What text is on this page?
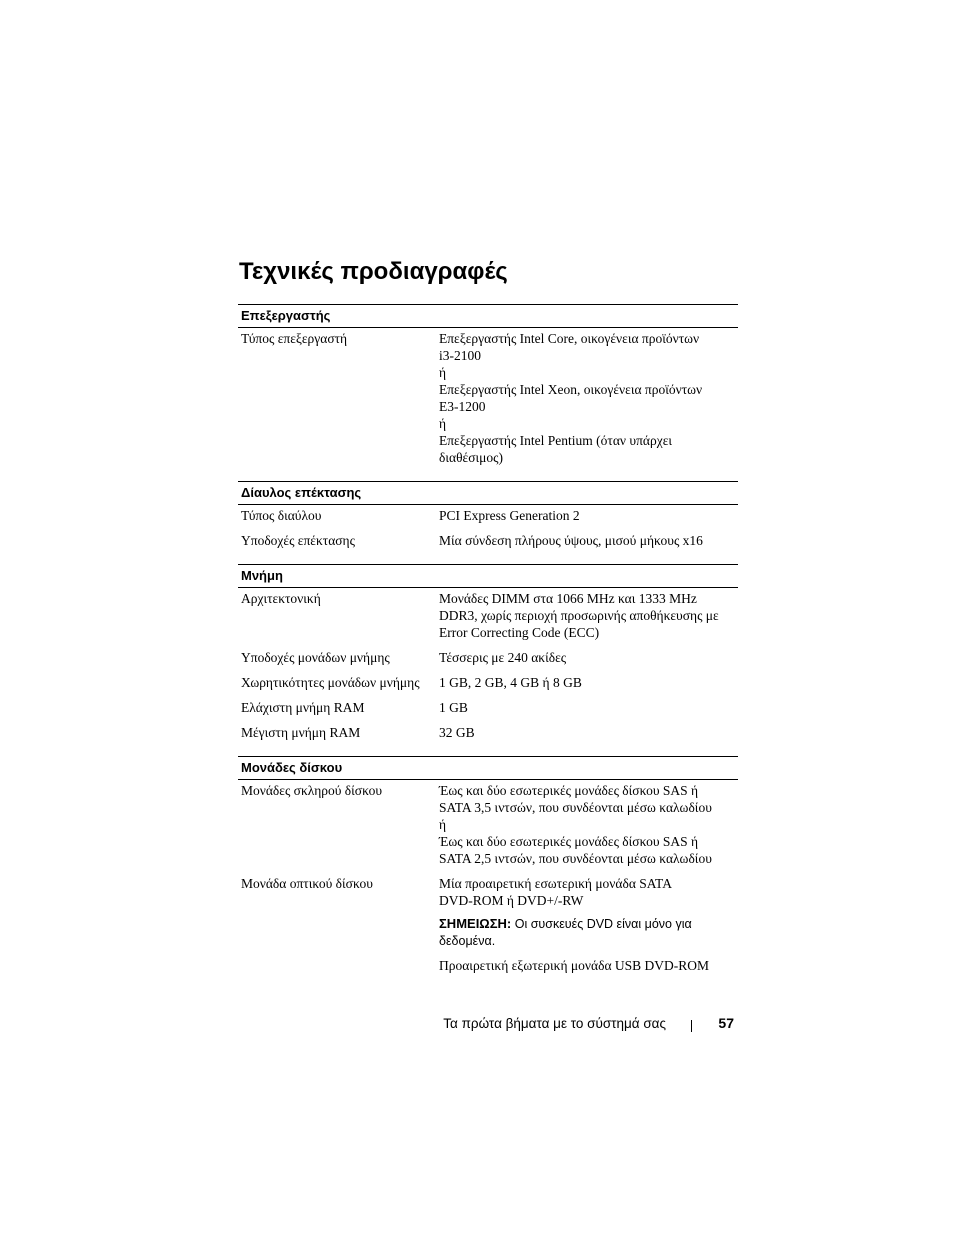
Τεχνικές προδιαγραφές
Επεξεργαστής
Τύπος επεξεργαστή	Επεξεργαστής Intel Core, οικογένεια προϊόντων
i3-2100
ή
Επεξεργαστής Intel Xeon, οικογένεια προϊόντων
E3-1200
ή
Επεξεργαστής Intel Pentium (όταν υπάρχει
διαθέσιμος)
Δίαυλος επέκτασης
Τύπος διαύλου	PCI Express Generation 2
Υποδοχές επέκτασης	Μία σύνδεση πλήρους ύψους, μισού μήκους x16
Μνήμη
Αρχιτεκτονική	Μονάδες DIMM στα 1066 MHz και 1333 MHz
DDR3, χωρίς περιοχή προσωρινής αποθήκευσης με
Error Correcting Code (ECC)
Υποδοχές μονάδων μνήμης	Τέσσερις με 240 ακίδες
Χωρητικότητες μονάδων μνήμης	1 GB, 2 GB, 4 GB ή 8 GB
Ελάχιστη μνήμη RAM	1 GB
Μέγιστη μνήμη RAM	32 GB
Μονάδες δίσκου
Μονάδες σκληρού δίσκου	Έως και δύο εσωτερικές μονάδες δίσκου SAS ή
SATA 3,5 ιντσών, που συνδέονται μέσω καλωδίου
ή
Έως και δύο εσωτερικές μονάδες δίσκου SAS ή
SATA 2,5 ιντσών, που συνδέονται μέσω καλωδίου
Μονάδα οπτικού δίσκου	Μία προαιρετική εσωτερική μονάδα SATA
DVD-ROM ή DVD+/-RW
ΣΗΜΕΙΩΣΗ: Οι συσκευές DVD είναι μόνο για δεδομένα.
Προαιρετική εξωτερική μονάδα USB DVD-ROM
Τα πρώτα βήματα με το σύστημά σας	57
